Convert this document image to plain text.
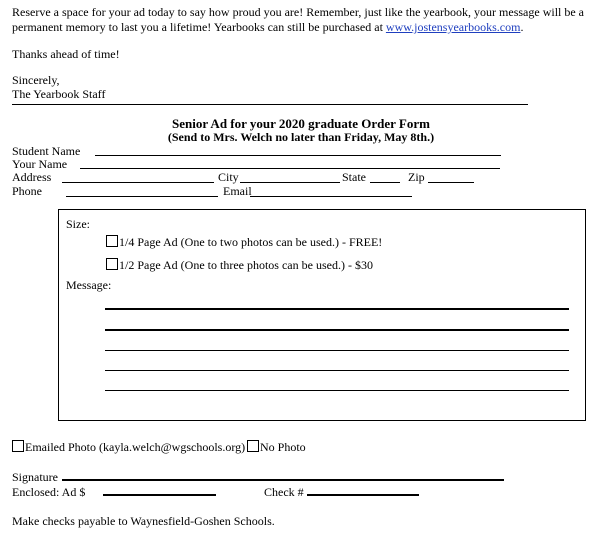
Reserve a space for your ad today to say how proud you are! Remember, just like the yearbook, your message will be a permanent memory to last you a lifetime! Yearbooks can still be purchased at www.jostensyearbooks.com.
Thanks ahead of time!
Sincerely,
The Yearbook Staff
Senior Ad for your 2020 graduate Order Form
(Send to Mrs. Welch no later than Friday, May 8th.)
Student Name
Your Name
Address	City	State	Zip
Phone	Email
Size:
1/4 Page Ad (One to two photos can be used.) - FREE!
1/2 Page Ad (One to three photos can be used.) - $30
Message:
Emailed Photo (kayla.welch@wgschools.org)	No Photo
Signature
Enclosed: Ad $	Check #
Make checks payable to Waynesfield-Goshen Schools.
